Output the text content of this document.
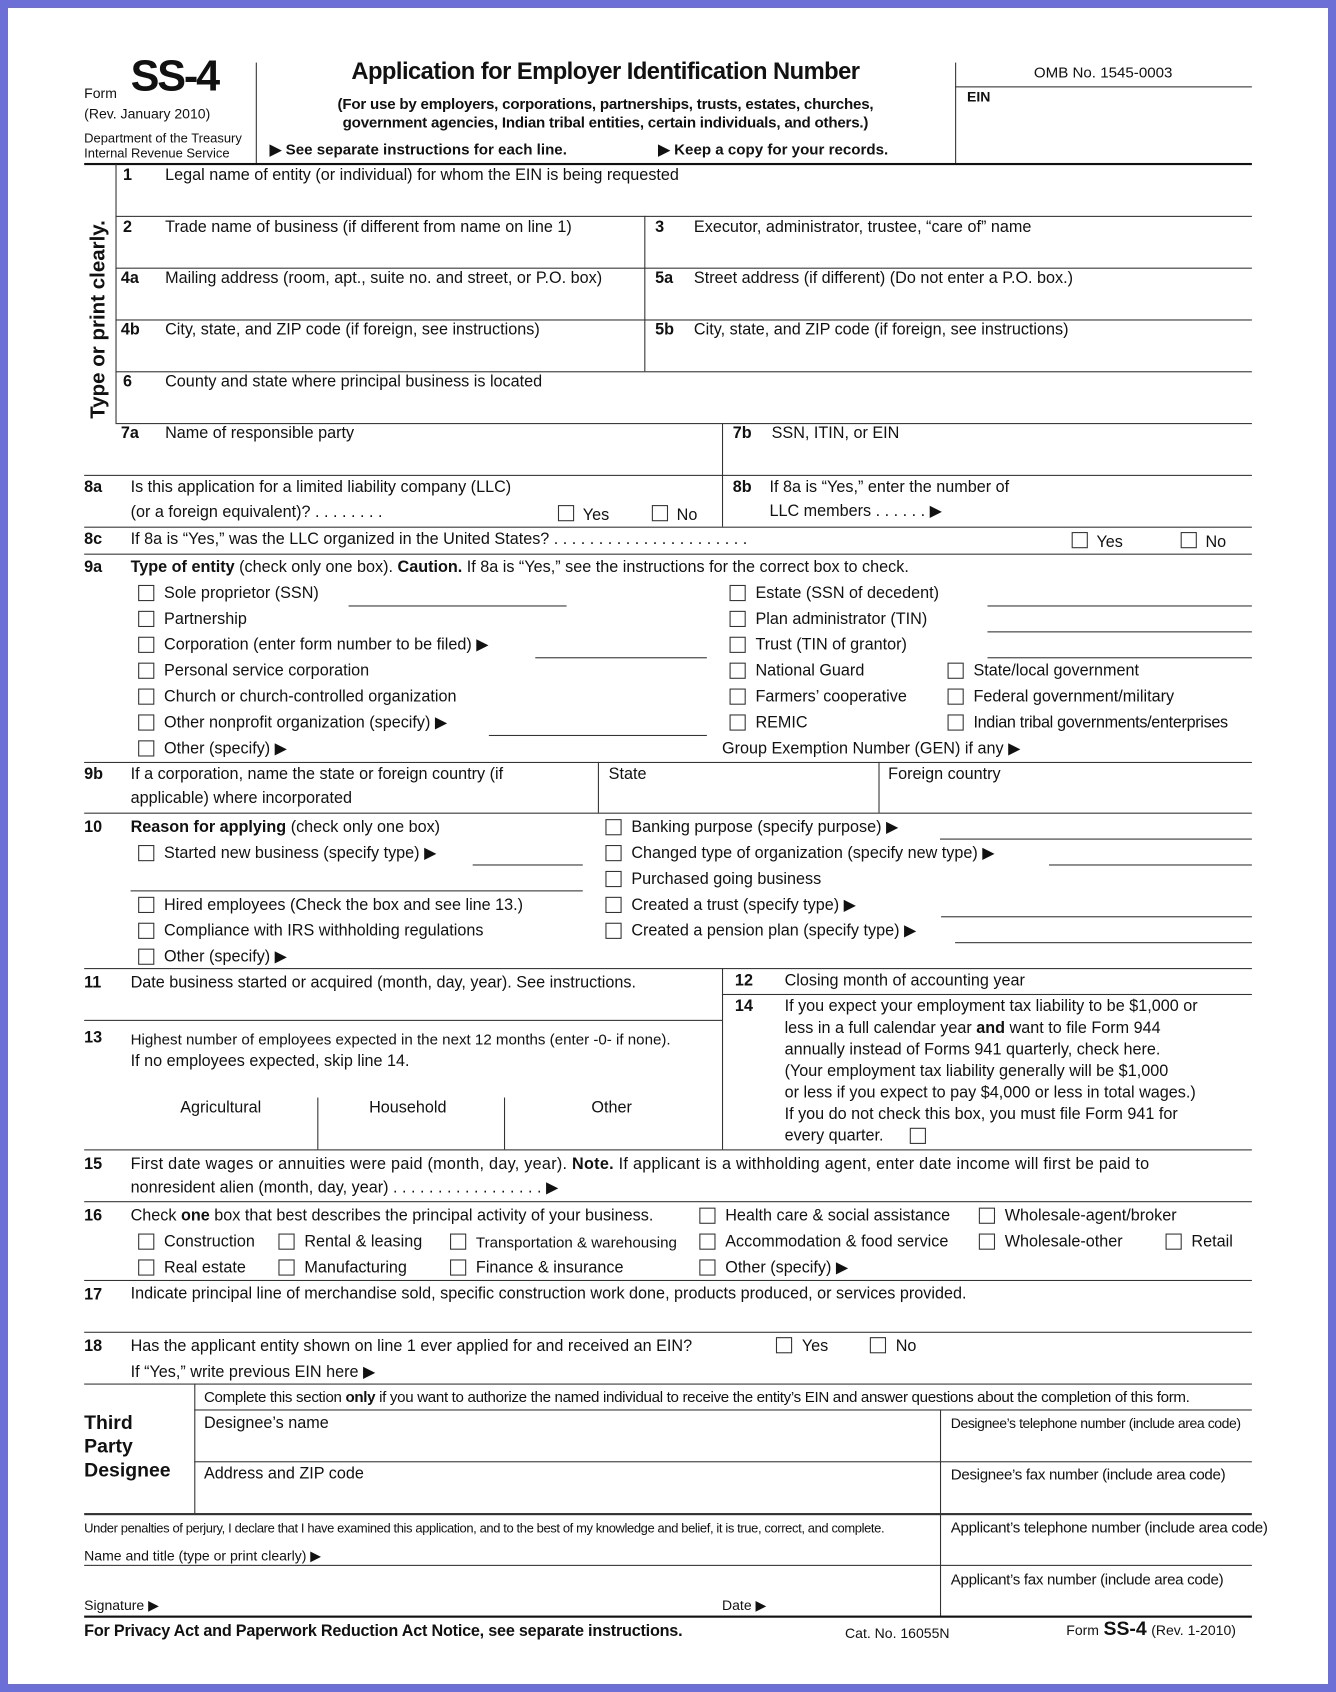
Form SS-4
(Rev. January 2010)
Department of the Treasury
Internal Revenue Service
Application for Employer Identification Number
(For use by employers, corporations, partnerships, trusts, estates, churches,
government agencies, Indian tribal entities, certain individuals, and others.)
▶ See separate instructions for each line.	▶ Keep a copy for your records.
OMB No. 1545-0003
EIN
Type or print clearly.
1 Legal name of entity (or individual) for whom the EIN is being requested
2 Trade name of business (if different from name on line 1)	3 Executor, administrator, trustee, “care of” name
4a Mailing address (room, apt., suite no. and street, or P.O. box)	5a Street address (if different) (Do not enter a P.O. box.)
4b City, state, and ZIP code (if foreign, see instructions)	5b City, state, and ZIP code (if foreign, see instructions)
6 County and state where principal business is located
7a Name of responsible party	7b SSN, ITIN, or EIN
8a Is this application for a limited liability company (LLC)
(or a foreign equivalent)? . . . . . . . .	Yes	No
8b If 8a is “Yes,” enter the number of
LLC members . . . . . . ▶
8c If 8a is “Yes,” was the LLC organized in the United States? . . . . . . . . . . . . . . . . . . . . . .	Yes	No
9a Type of entity (check only one box). Caution. If 8a is “Yes,” see the instructions for the correct box to check.
Sole proprietor (SSN)
Partnership
Corporation (enter form number to be filed) ▶
Personal service corporation
Church or church-controlled organization
Other nonprofit organization (specify) ▶
Other (specify) ▶
Estate (SSN of decedent)
Plan administrator (TIN)
Trust (TIN of grantor)
National Guard
Farmers’ cooperative
REMIC
State/local government
Federal government/military
Indian tribal governments/enterprises
Group Exemption Number (GEN) if any ▶
9b If a corporation, name the state or foreign country (if
applicable) where incorporated
State	Foreign country
10 Reason for applying (check only one box)
Started new business (specify type) ▶
Hired employees (Check the box and see line 13.)
Compliance with IRS withholding regulations
Other (specify) ▶
Banking purpose (specify purpose) ▶
Changed type of organization (specify new type) ▶
Purchased going business
Created a trust (specify type) ▶
Created a pension plan (specify type) ▶
11 Date business started or acquired (month, day, year). See instructions.	12 Closing month of accounting year
14 If you expect your employment tax liability to be $1,000 or
less in a full calendar year and want to file Form 944
annually instead of Forms 941 quarterly, check here.
(Your employment tax liability generally will be $1,000
or less if you expect to pay $4,000 or less in total wages.)
If you do not check this box, you must file Form 941 for
every quarter.
13 Highest number of employees expected in the next 12 months (enter -0- if none).
If no employees expected, skip line 14.
Agricultural	Household	Other
15 First date wages or annuities were paid (month, day, year). Note. If applicant is a withholding agent, enter date income will first be paid to
nonresident alien (month, day, year) . . . . . . . . . . . . . . . . . ▶
16 Check one box that best describes the principal activity of your business.	Health care & social assistance	Wholesale-agent/broker
Construction	Rental & leasing	Transportation & warehousing	Accommodation & food service	Wholesale-other	Retail
Real estate	Manufacturing	Finance & insurance	Other (specify) ▶
17 Indicate principal line of merchandise sold, specific construction work done, products produced, or services provided.
18 Has the applicant entity shown on line 1 ever applied for and received an EIN?	Yes	No
If “Yes,” write previous EIN here ▶
Third
Party
Designee
Complete this section only if you want to authorize the named individual to receive the entity’s EIN and answer questions about the completion of this form.
Designee’s name	Designee’s telephone number (include area code)
Address and ZIP code	Designee’s fax number (include area code)
Under penalties of perjury, I declare that I have examined this application, and to the best of my knowledge and belief, it is true, correct, and complete.	Applicant’s telephone number (include area code)
Name and title (type or print clearly) ▶
Applicant’s fax number (include area code)
Signature ▶	Date ▶
For Privacy Act and Paperwork Reduction Act Notice, see separate instructions.	Cat. No. 16055N	Form SS-4 (Rev. 1-2010)
